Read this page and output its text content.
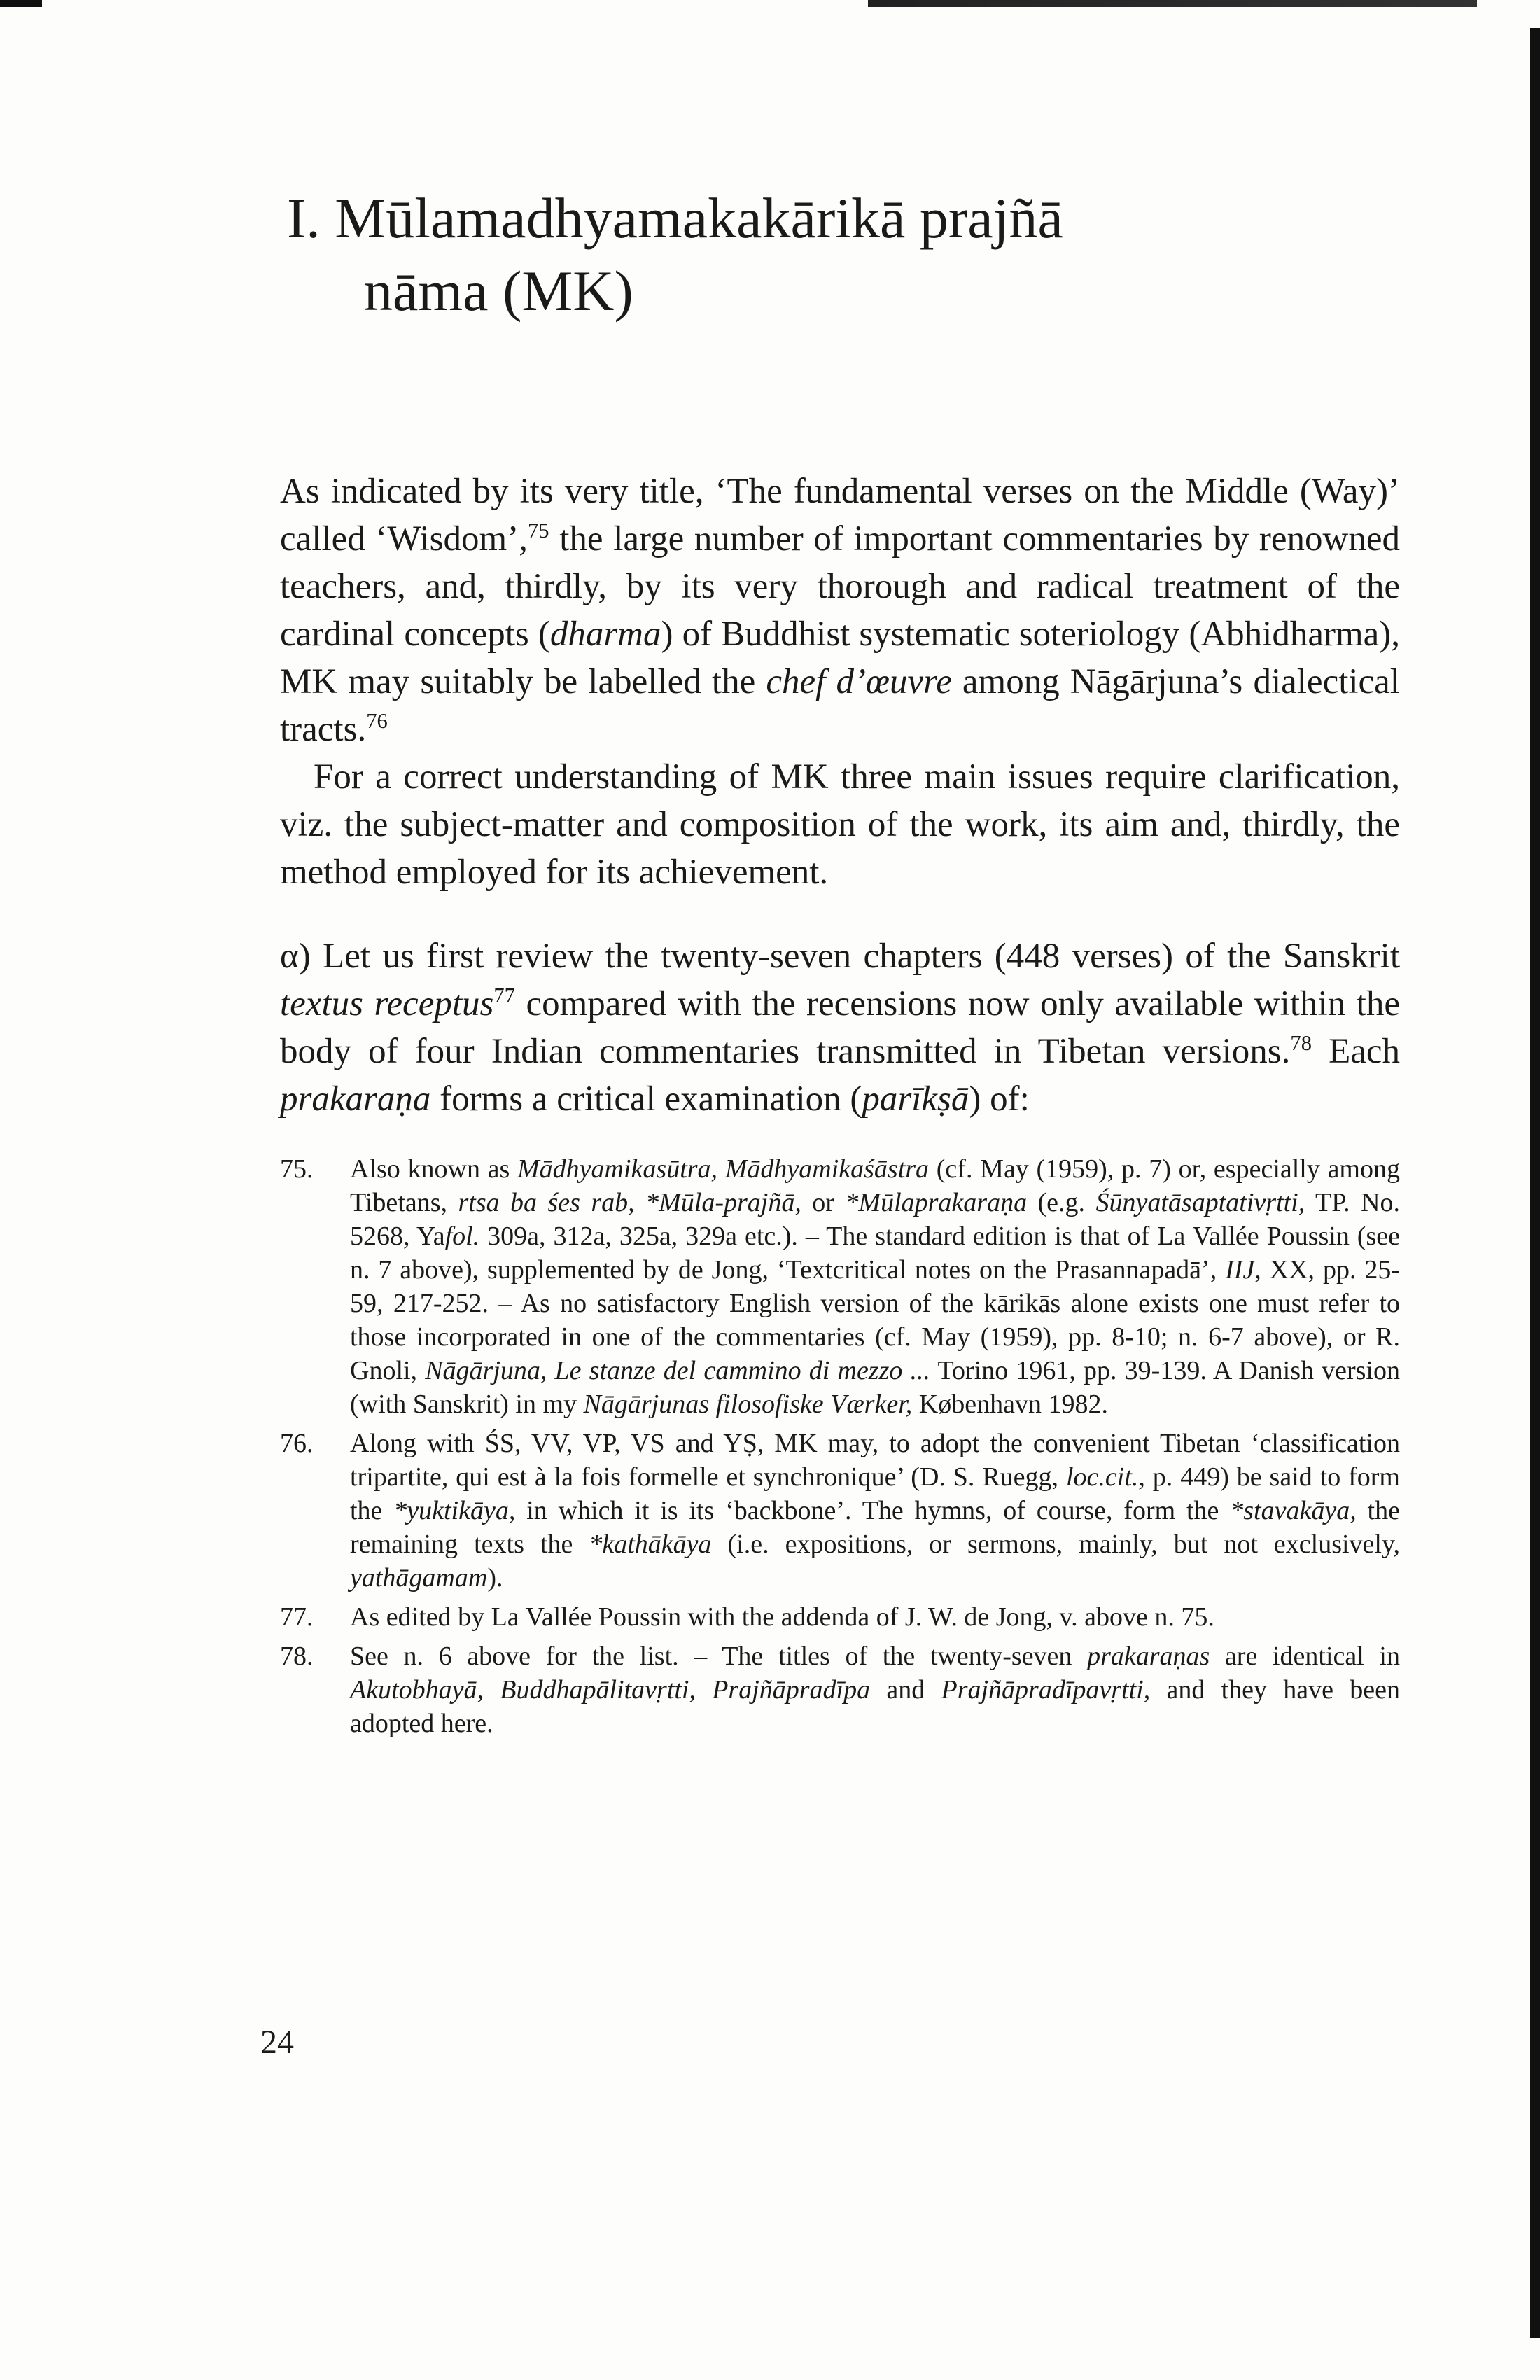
I. Mūlamadhyamakakārikā prajñā
nāma (MK)

As indicated by its very title, ‘The fundamental verses on the Middle (Way)’ called ‘Wisdom’,$^{75}$ the large number of important commentaries by renowned teachers, and, thirdly, by its very thorough and radical treatment of the cardinal concepts (dharma) of Buddhist systematic soteriology (Abhidharma), MK may suitably be labelled the chef d’œuvre among Nāgārjuna’s dialectical tracts.$^{76}$

For a correct understanding of MK three main issues require clarification, viz. the subject-matter and composition of the work, its aim and, thirdly, the method employed for its achievement.

α) Let us first review the twenty-seven chapters (448 verses) of the Sanskrit textus receptus$^{77}$ compared with the recensions now only available within the body of four Indian commentaries transmitted in Tibetan versions.$^{78}$ Each prakaraṇa forms a critical examination (parīkṣā) of:

75.	Also known as Mādhyamikasūtra, Mādhyamikaśāstra (cf. May (1959), p. 7) or, especially among Tibetans, rtsa ba śes rab, *Mūla-prajñā, or *Mūlaprakaraṇa (e.g. Śūnyatāsaptativṛtti, TP. No. 5268, Yafol. 309a, 312a, 325a, 329a etc.). – The standard edition is that of La Vallée Poussin (see n. 7 above), supplemented by de Jong, ‘Textcritical notes on the Prasannapadā’, IIJ, XX, pp. 25-59, 217-252. – As no satisfactory English version of the kārikās alone exists one must refer to those incorporated in one of the commentaries (cf. May (1959), pp. 8-10; n. 6-7 above), or R. Gnoli, Nāgārjuna, Le stanze del cammino di mezzo ... Torino 1961, pp. 39-139. A Danish version (with Sanskrit) in my Nāgārjunas filosofiske Værker, København 1982.
76.	Along with ŚS, VV, VP, VS and YṢ, MK may, to adopt the convenient Tibetan ‘classification tripartite, qui est à la fois formelle et synchronique’ (D. S. Ruegg, loc.cit., p. 449) be said to form the *yuktikāya, in which it is its ‘backbone’. The hymns, of course, form the *stavakāya, the remaining texts the *kathākāya (i.e. expositions, or sermons, mainly, but not exclusively, yathāgamam).
77.	As edited by La Vallée Poussin with the addenda of J. W. de Jong, v. above n. 75.
78.	See n. 6 above for the list. – The titles of the twenty-seven prakaraṇas are identical in Akutobhayā, Buddhapālitavṛtti, Prajñāpradīpa and Prajñāpradīpavṛtti, and they have been adopted here.
24
